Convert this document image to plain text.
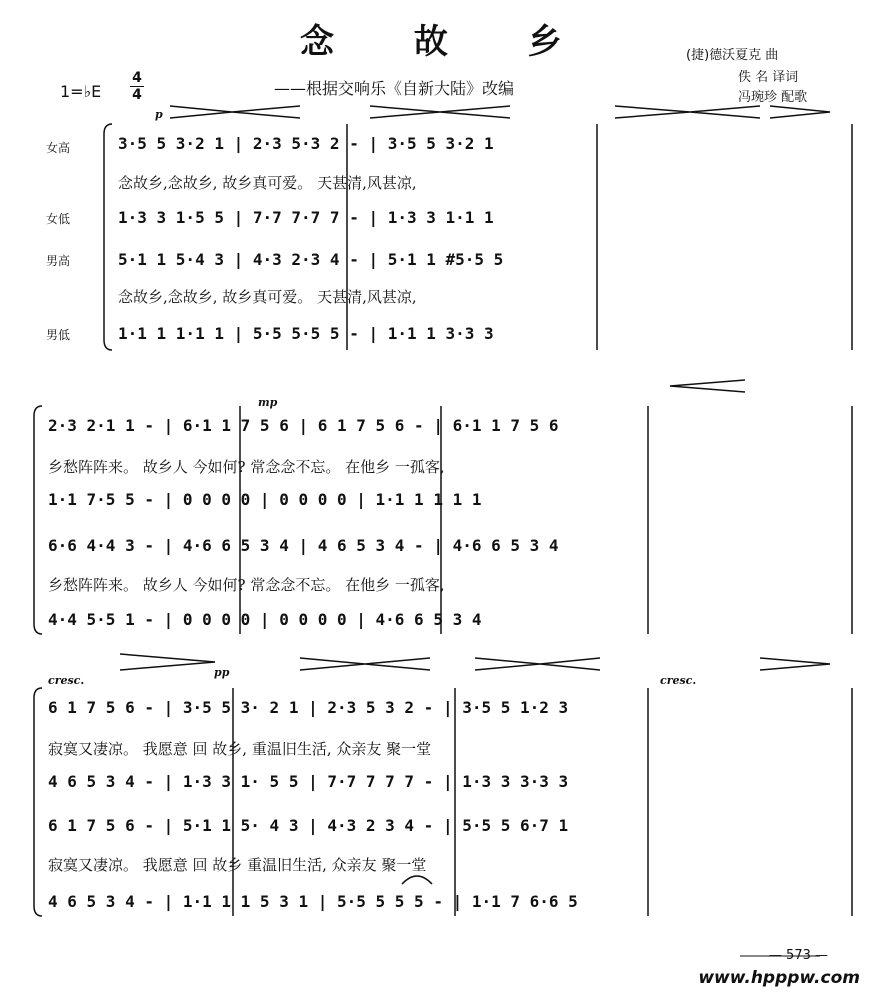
念 故 乡
——根据交响乐《自新大陆》改编
1=♭E
4
4
(捷)德沃夏克 曲
佚 名 译词
冯琬珍 配歌
女高
女低
男高
男低
p
3·5 5 3·2 1 | 2·3 5·3 2 - | 3·5 5 3·2 1
念故乡,念故乡, 故乡真可爱。 天甚清,风甚凉,
1·3 3 1·5 5 | 7·7 7·7 7 - | 1·3 3 1·1 1
5·1 1 5·4 3 | 4·3 2·3 4 - | 5·1 1 #5·5 5
念故乡,念故乡, 故乡真可爱。 天甚清,风甚凉,
1·1 1 1·1 1 | 5·5 5·5 5 - | 1·1 1 3·3 3
mp
2·3 2·1 1 - | 6·1 1 7 5 6 | 6 1 7 5 6 - | 6·1 1 7 5 6
乡愁阵阵来。 故乡人 今如何? 常念念不忘。 在他乡 一孤客,
1·1 7·5 5 - | 0 0 0 0 | 0 0 0 0 | 1·1 1 1 1 1
6·6 4·4 3 - | 4·6 6 5 3 4 | 4 6 5 3 4 - | 4·6 6 5 3 4
乡愁阵阵来。 故乡人 今如何? 常念念不忘。 在他乡 一孤客,
4·4 5·5 1 - | 0 0 0 0 | 0 0 0 0 | 4·6 6 5 3 4
cresc.
pp
cresc.
6 1 7 5 6 - | 3·5 5 3· 2 1 | 2·3 5 3 2 - | 3·5 5 1·2 3
寂寞又凄凉。 我愿意 回 故乡, 重温旧生活, 众亲友 聚一堂
4 6 5 3 4 - | 1·3 3 1· 5 5 | 7·7 7 7 7 - | 1·3 3 3·3 3
6 1 7 5 6 - | 5·1 1 5· 4 3 | 4·3 2 3 4 - | 5·5 5 6·7 1
寂寞又凄凉。 我愿意 回 故乡 重温旧生活, 众亲友 聚一堂
4 6 5 3 4 - | 1·1 1 1 5 3 1 | 5·5 5 5 5 - | 1·1 7 6·6 5
— 573 —
www.hpppw.com
